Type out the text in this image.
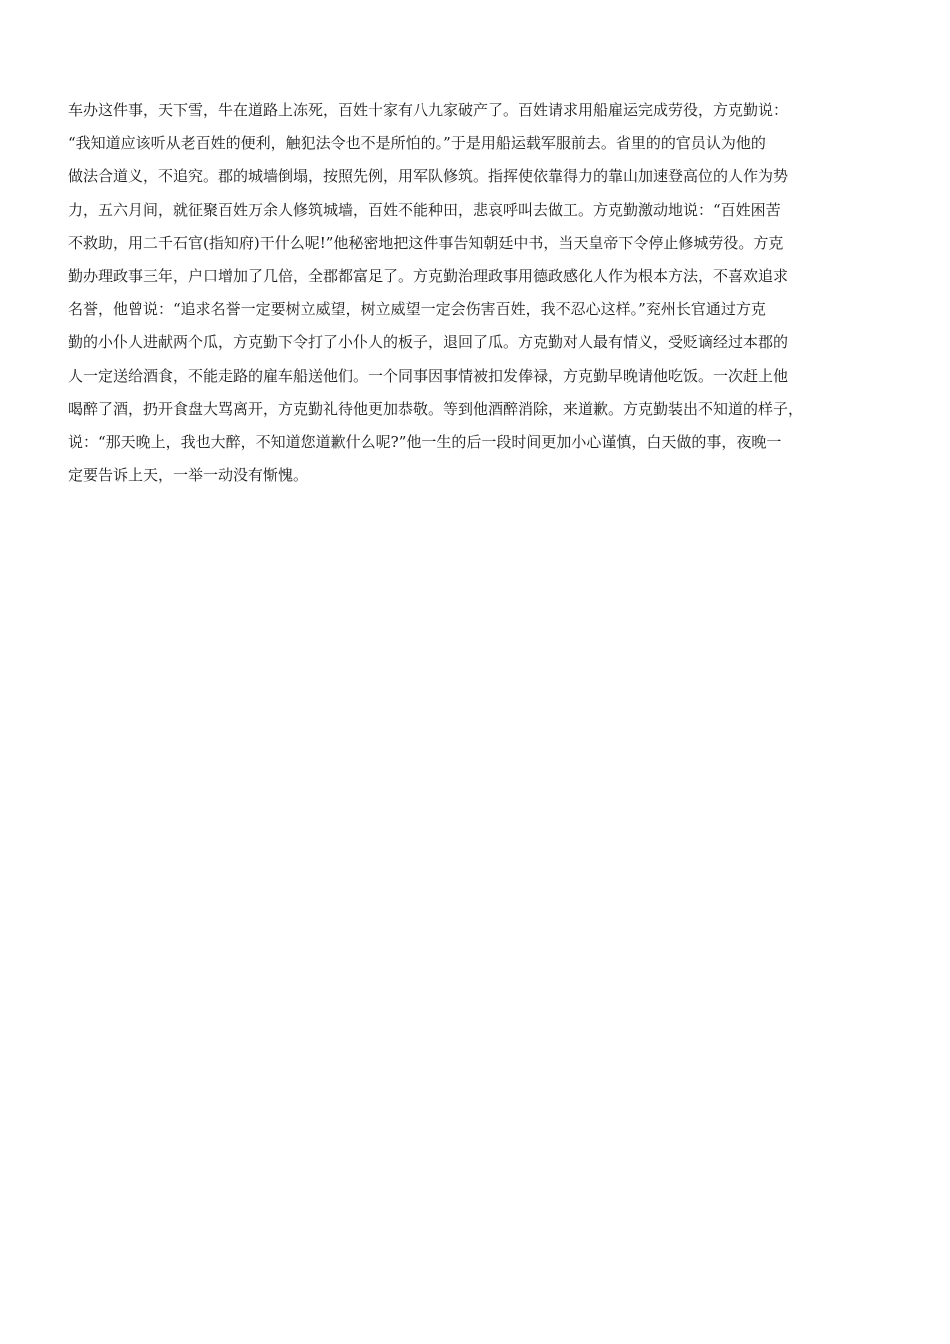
车办这件事，天下雪，牛在道路上冻死，百姓十家有八九家破产了。百姓请求用船雇运完成劳役，方克勤说：
“我知道应该听从老百姓的便利，触犯法令也不是所怕的。”于是用船运载军服前去。省里的的官员认为他的
做法合道义，不追究。郡的城墙倒塌，按照先例，用军队修筑。指挥使依靠得力的靠山加速登高位的人作为势
力，五六月间，就征聚百姓万余人修筑城墙，百姓不能种田，悲哀呼叫去做工。方克勤激动地说：“百姓困苦
不救助，用二千石官(指知府)干什么呢!”他秘密地把这件事告知朝廷中书，当天皇帝下令停止修城劳役。方克
勤办理政事三年，户口增加了几倍，全郡都富足了。方克勤治理政事用德政感化人作为根本方法，不喜欢追求
名誉，他曾说：“追求名誉一定要树立威望，树立威望一定会伤害百姓，我不忍心这样。”兖州长官通过方克
勤的小仆人进献两个瓜，方克勤下令打了小仆人的板子，退回了瓜。方克勤对人最有情义，受贬谪经过本郡的
人一定送给酒食，不能走路的雇车船送他们。一个同事因事情被扣发俸禄，方克勤早晚请他吃饭。一次赶上他
喝醉了酒，扔开食盘大骂离开，方克勤礼待他更加恭敬。等到他酒醉消除，来道歉。方克勤装出不知道的样子，
说：“那天晚上，我也大醉，不知道您道歉什么呢?”他一生的后一段时间更加小心谨慎，白天做的事，夜晚一
定要告诉上天，一举一动没有惭愧。
